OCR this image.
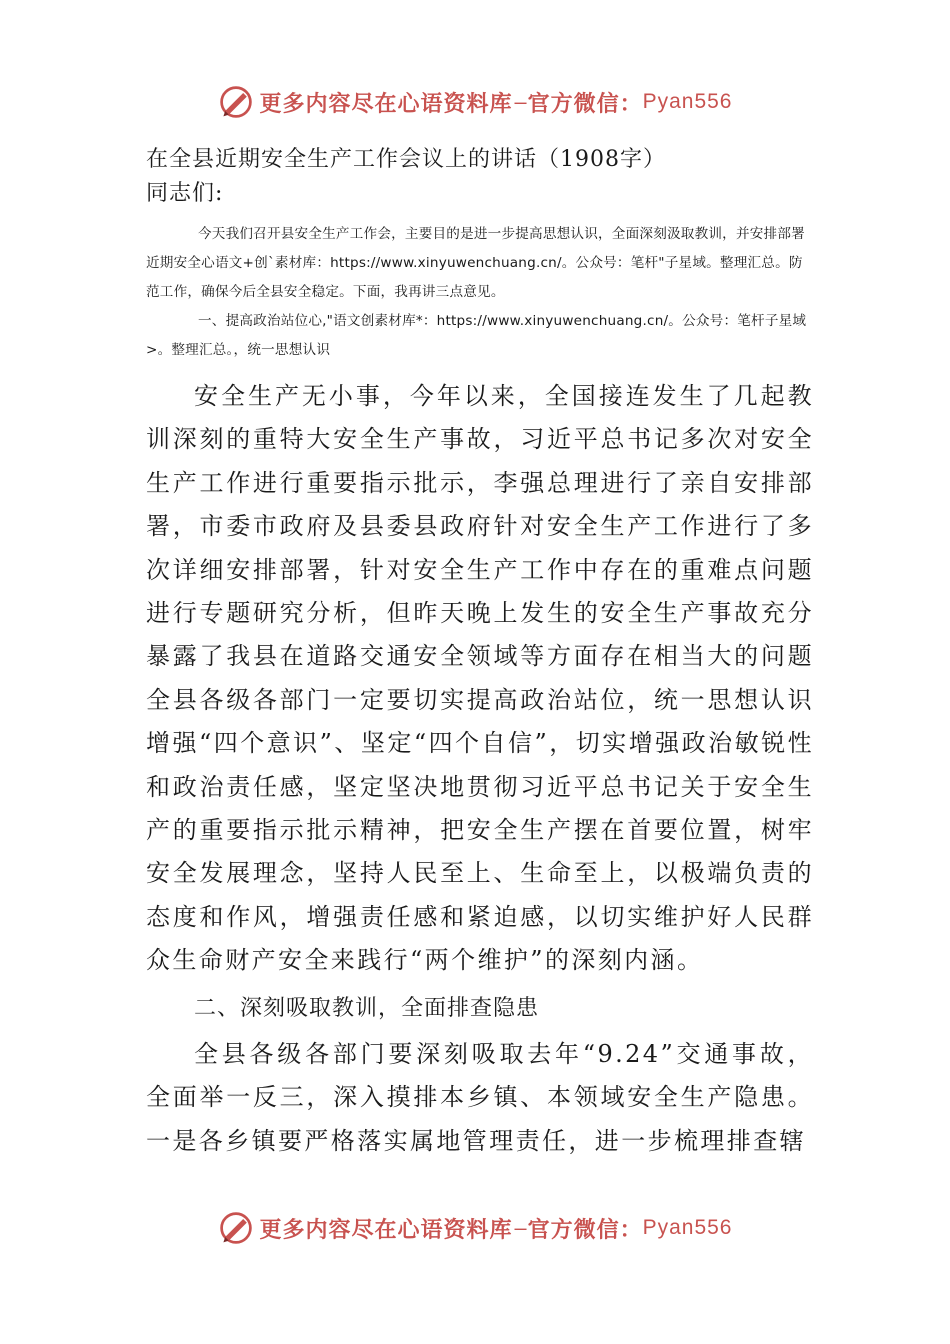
更多内容尽在心语资料库 — 官方微信： Pyan556

在全县近期安全生产工作会议上的讲话（1908字）

同志们:

今天我们召开县安全生产工作会，主要目的是进一步提高思想认识，全面深刻汲取教训，并安排部署近期安全心语文+创`素材库：https://www.xinyuwenchuang.cn/。公众号：笔杆"子星域。整理汇总。防范工作，确保今后全县安全稳定。下面，我再讲三点意见。

一、提高政治站位心,"语文创素材库*：https://www.xinyuwenchuang.cn/。公众号：笔杆子星域>。整理汇总。，统一思想认识

安全生产无小事，今年以来，全国接连发生了几起教训深刻的重特大安全生产事故，习近平总书记多次对安全生产工作进行重要指示批示，李强总理进行了亲自安排部署，市委市政府及县委县政府针对安全生产工作进行了多次详细安排部署，针对安全生产工作中存在的重难点问题进行专题研究分析，但昨天晚上发生的安全生产事故充分暴露了我县在道路交通安全领域等方面存在相当大的问题全县各级各部门一定要切实提高政治站位，统一思想认识增强“四个意识”、坚定“四个自信”，切实增强政治敏锐性和政治责任感，坚定坚决地贯彻习近平总书记关于安全生产的重要指示批示精神，把安全生产摆在首要位置，树牢安全发展理念，坚持人民至上、生命至上，以极端负责的态度和作风，增强责任感和紧迫感，以切实维护好人民群众生命财产安全来践行“两个维护”的深刻内涵。

二、深刻吸取教训，全面排查隐患

全县各级各部门要深刻吸取去年“9.24”交通事故，全面举一反三，深入摸排本乡镇、本领域安全生产隐患。一是各乡镇要严格落实属地管理责任，进一步梳理排查辖

更多内容尽在心语资料库 — 官方微信： Pyan556
